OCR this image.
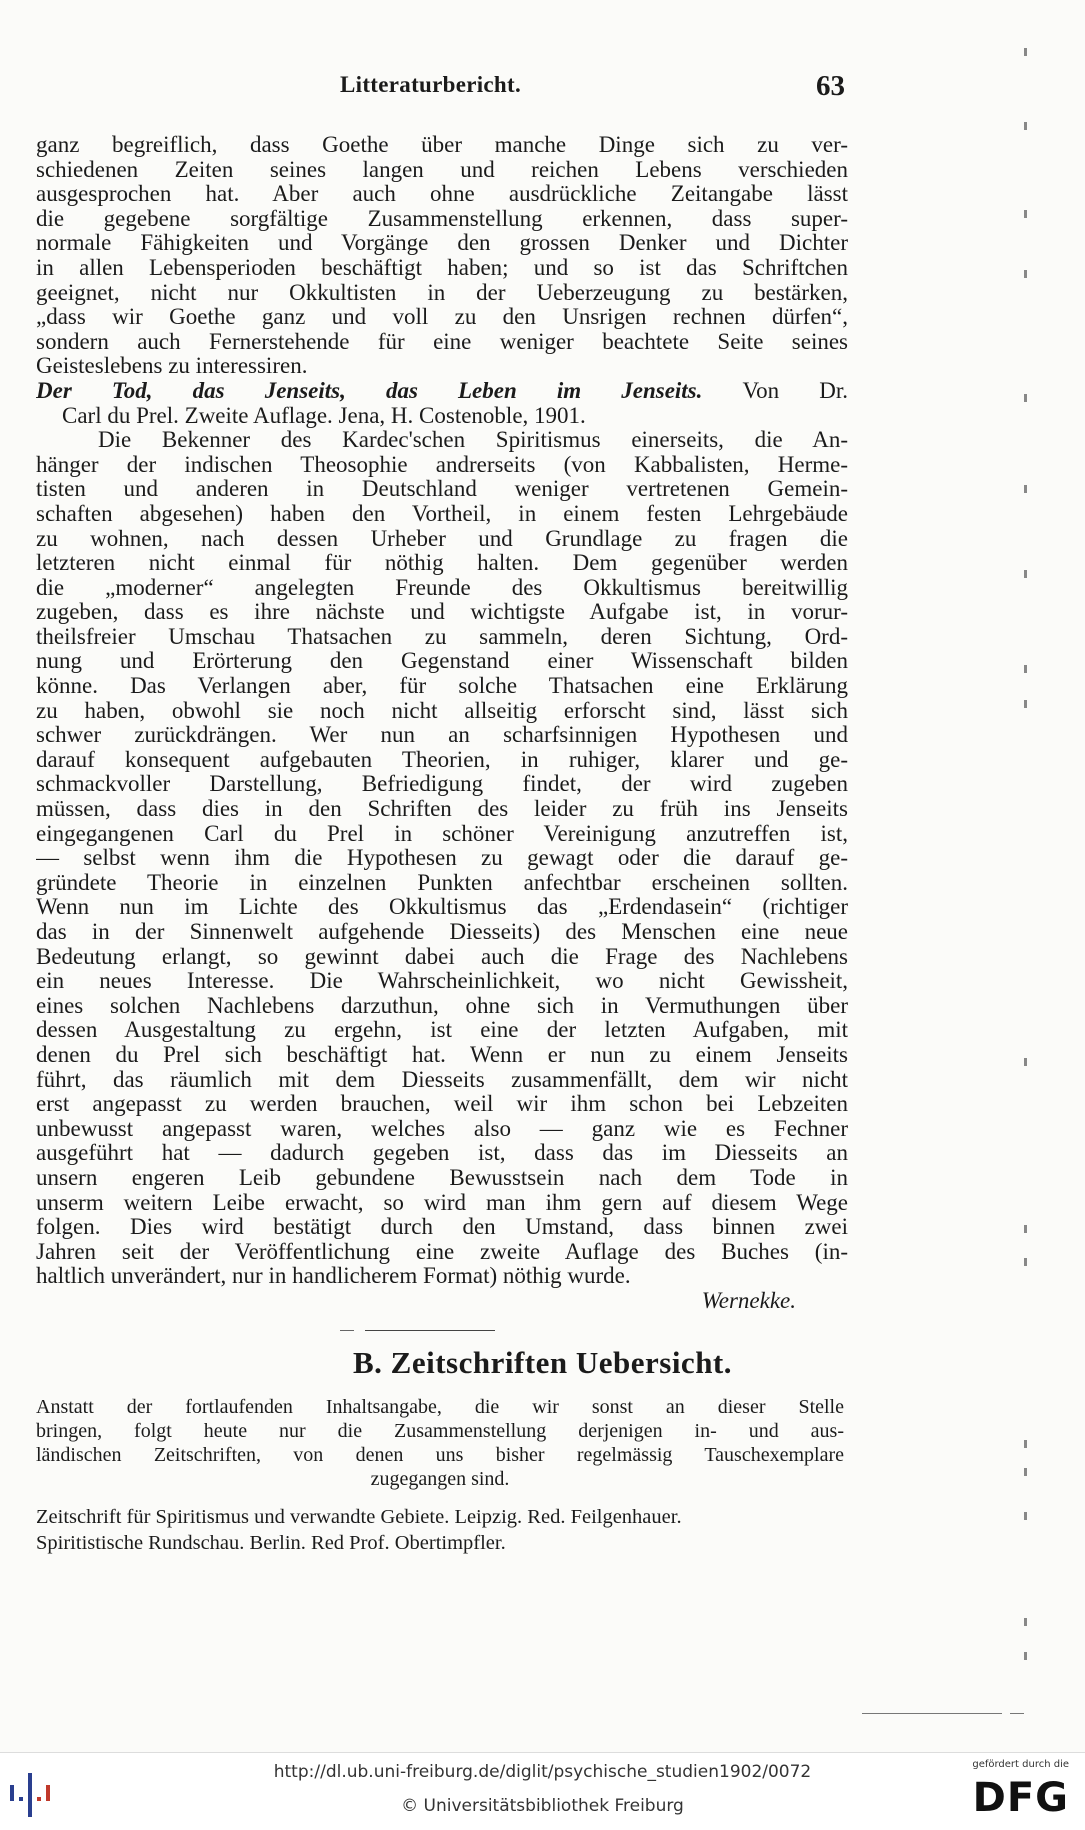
Litteraturbericht.	63
ganz begreiflich, dass Goethe über manche Dinge sich zu ver-
schiedenen Zeiten seines langen und reichen Lebens verschieden
ausgesprochen hat. Aber auch ohne ausdrückliche Zeitangabe lässt
die gegebene sorgfältige Zusammenstellung erkennen, dass super-
normale Fähigkeiten und Vorgänge den grossen Denker und Dichter
in allen Lebensperioden beschäftigt haben; und so ist das Schriftchen
geeignet, nicht nur Okkultisten in der Ueberzeugung zu bestärken,
„dass wir Goethe ganz und voll zu den Unsrigen rechnen dürfen“,
sondern auch Fernerstehende für eine weniger beachtete Seite seines
Geisteslebens zu interessiren.
Der Tod, das Jenseits, das Leben im Jenseits. Von Dr.
Carl du Prel. Zweite Auflage. Jena, H. Costenoble, 1901.
Die Bekenner des Kardec'schen Spiritismus einerseits, die An-
hänger der indischen Theosophie andrerseits (von Kabbalisten, Herme-
tisten und anderen in Deutschland weniger vertretenen Gemein-
schaften abgesehen) haben den Vortheil, in einem festen Lehrgebäude
zu wohnen, nach dessen Urheber und Grundlage zu fragen die
letzteren nicht einmal für nöthig halten. Dem gegenüber werden
die „moderner“ angelegten Freunde des Okkultismus bereitwillig
zugeben, dass es ihre nächste und wichtigste Aufgabe ist, in vorur-
theilsfreier Umschau Thatsachen zu sammeln, deren Sichtung, Ord-
nung und Erörterung den Gegenstand einer Wissenschaft bilden
könne. Das Verlangen aber, für solche Thatsachen eine Erklärung
zu haben, obwohl sie noch nicht allseitig erforscht sind, lässt sich
schwer zurückdrängen. Wer nun an scharfsinnigen Hypothesen und
darauf konsequent aufgebauten Theorien, in ruhiger, klarer und ge-
schmackvoller Darstellung, Befriedigung findet, der wird zugeben
müssen, dass dies in den Schriften des leider zu früh ins Jenseits
eingegangenen Carl du Prel in schöner Vereinigung anzutreffen ist,
— selbst wenn ihm die Hypothesen zu gewagt oder die darauf ge-
gründete Theorie in einzelnen Punkten anfechtbar erscheinen sollten.
Wenn nun im Lichte des Okkultismus das „Erdendasein“ (richtiger
das in der Sinnenwelt aufgehende Diesseits) des Menschen eine neue
Bedeutung erlangt, so gewinnt dabei auch die Frage des Nachlebens
ein neues Interesse. Die Wahrscheinlichkeit, wo nicht Gewissheit,
eines solchen Nachlebens darzuthun, ohne sich in Vermuthungen über
dessen Ausgestaltung zu ergehn, ist eine der letzten Aufgaben, mit
denen du Prel sich beschäftigt hat. Wenn er nun zu einem Jenseits
führt, das räumlich mit dem Diesseits zusammenfällt, dem wir nicht
erst angepasst zu werden brauchen, weil wir ihm schon bei Lebzeiten
unbewusst angepasst waren, welches also — ganz wie es Fechner
ausgeführt hat — dadurch gegeben ist, dass das im Diesseits an
unsern engeren Leib gebundene Bewusstsein nach dem Tode in
unserm weitern Leibe erwacht, so wird man ihm gern auf diesem Wege
folgen. Dies wird bestätigt durch den Umstand, dass binnen zwei
Jahren seit der Veröffentlichung eine zweite Auflage des Buches (in-
haltlich unverändert, nur in handlicherem Format) nöthig wurde.
Wernekke.
B. Zeitschriften Uebersicht.
Anstatt der fortlaufenden Inhaltsangabe, die wir sonst an dieser Stelle
bringen, folgt heute nur die Zusammenstellung derjenigen in- und aus-
ländischen Zeitschriften, von denen uns bisher regelmässig Tauschexemplare
zugegangen sind.
Zeitschrift für Spiritismus und verwandte Gebiete. Leipzig. Red. Feilgenhauer.
Spiritistische Rundschau. Berlin. Red Prof. Obertimpfler.
http://dl.ub.uni-freiburg.de/diglit/psychische_studien1902/0072
© Universitätsbibliothek Freiburg
gefördert durch die
DFG
